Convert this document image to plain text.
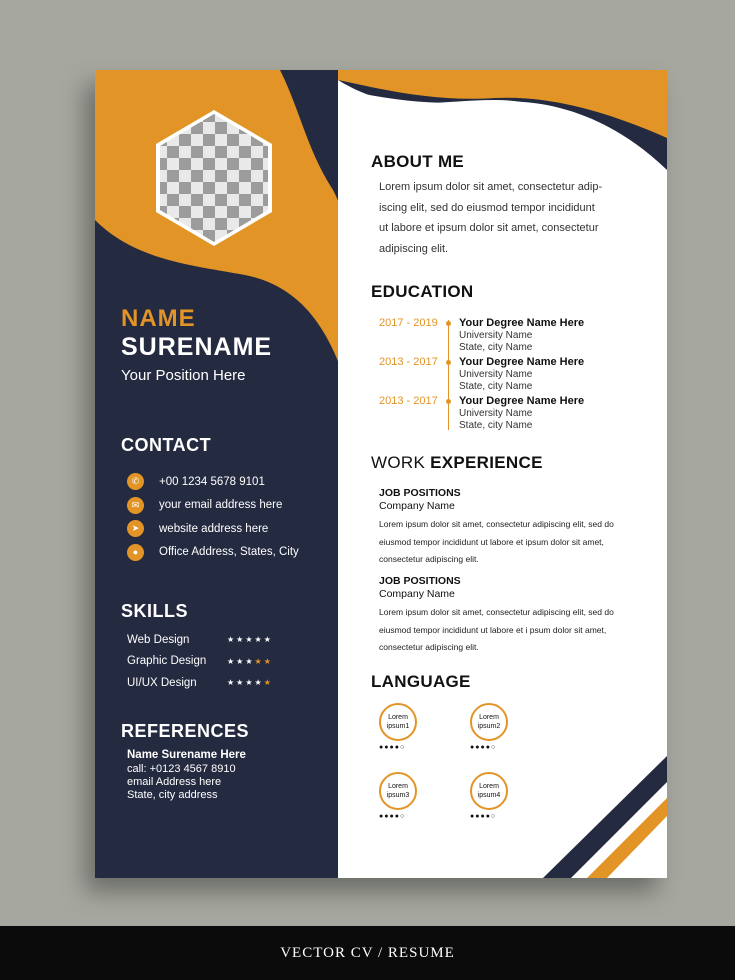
NAME
SURENAME
Your Position Here
CONTACT
✆	+00 1234 5678 9101
✉	your email address here
➤	website address here
●	Office Address, States, City
SKILLS
Web Design	★★★★★
Graphic Design	★★★★★
UI/UX Design	★★★★★
REFERENCES
Name Surename Here
call: +0123 4567 8910
email Address here
State, city address
ABOUT ME
Lorem ipsum dolor sit amet, consectetur adip-
iscing elit, sed do eiusmod tempor incididunt
ut labore et ipsum dolor sit amet, consectetur
adipiscing elit.
EDUCATION
2017 - 2019 Your Degree Name Here
University Name
State, city Name
2013 - 2017 Your Degree Name Here
University Name
State, city Name
2013 - 2017 Your Degree Name Here
University Name
State, city Name
WORK EXPERIENCE
JOB POSITIONS
Company Name
Lorem ipsum dolor sit amet, consectetur adipiscing elit, sed do
eiusmod tempor incididunt ut labore et ipsum dolor sit amet,
consectetur adipiscing elit.
JOB POSITIONS
Company Name
Lorem ipsum dolor sit amet, consectetur adipiscing elit, sed do
eiusmod tempor incididunt ut labore et i psum dolor sit amet,
consectetur adipiscing elit.
LANGUAGE
Lorem
ipsum1
●●●●○
Lorem
ipsum2
●●●●○
Lorem
ipsum3
●●●●○
Lorem
ipsum4
●●●●○
VECTOR CV / RESUME
